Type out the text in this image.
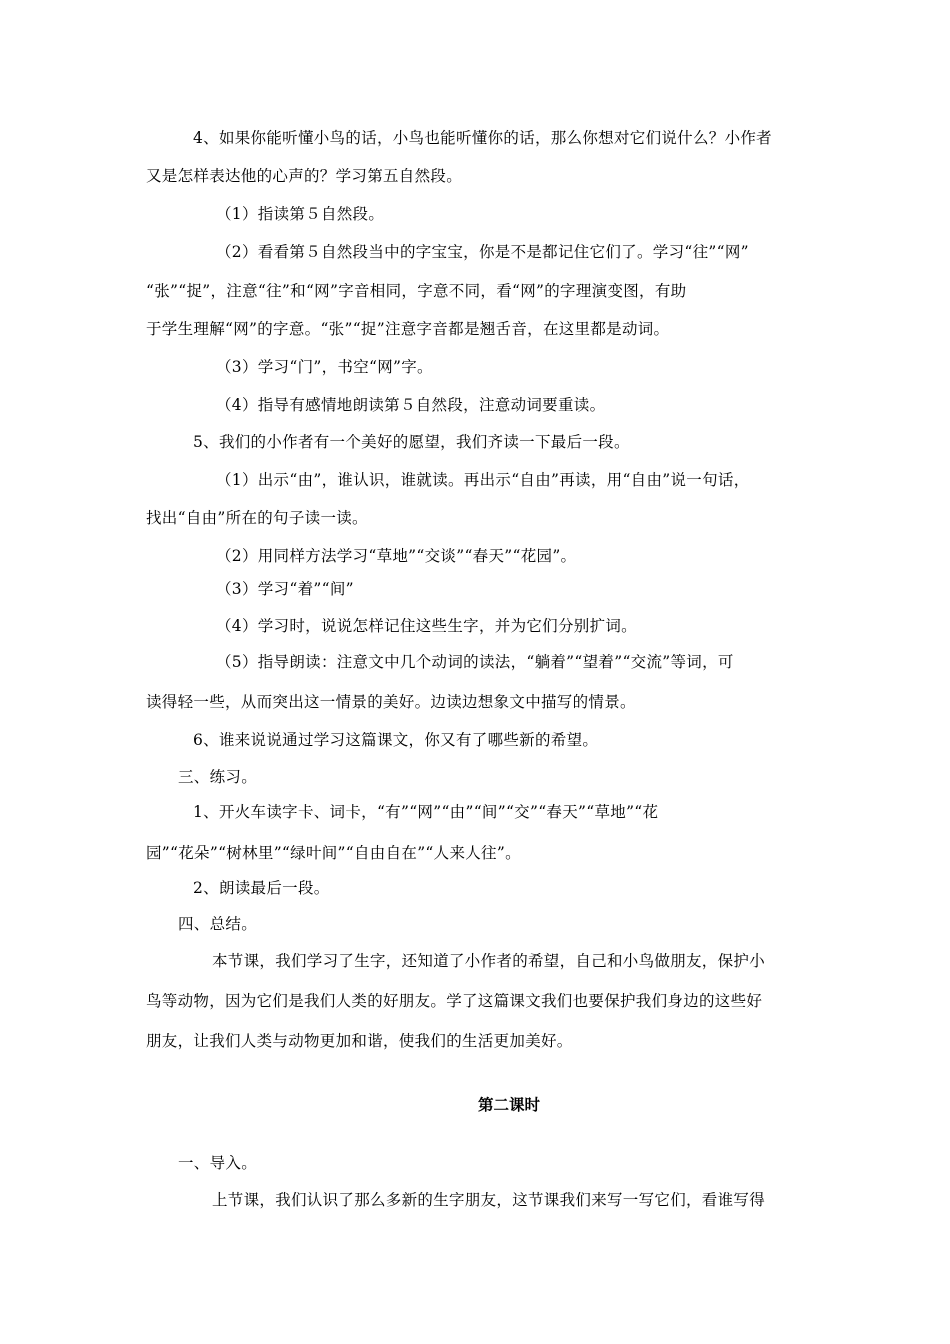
4、如果你能听懂小鸟的话，小鸟也能听懂你的话，那么你想对它们说什么？小作者
又是怎样表达他的心声的？学习第五自然段。
（1）指读第５自然段。
（2）看看第５自然段当中的字宝宝，你是不是都记住它们了。学习“往”“网”
“张”“捉”，注意“往”和“网”字音相同，字意不同，看“网”的字理演变图，有助
于学生理解“网”的字意。“张”“捉”注意字音都是翘舌音，在这里都是动词。
（3）学习“门”，书空“网”字。
（4）指导有感情地朗读第５自然段，注意动词要重读。
5、我们的小作者有一个美好的愿望，我们齐读一下最后一段。
（1）出示“由”，谁认识，谁就读。再出示“自由”再读，用“自由”说一句话，
找出“自由”所在的句子读一读。
（2）用同样方法学习“草地”“交谈”“春天”“花园”。
（3）学习“着”“间”
（4）学习时，说说怎样记住这些生字，并为它们分别扩词。
（5）指导朗读：注意文中几个动词的读法，“躺着”“望着”“交流”等词，可
读得轻一些，从而突出这一情景的美好。边读边想象文中描写的情景。
6、谁来说说通过学习这篇课文，你又有了哪些新的希望。
三、练习。
1、开火车读字卡、词卡，“有”“网”“由”“间”“交”“春天”“草地”“花
园”“花朵”“树林里”“绿叶间”“自由自在”“人来人往”。
2、朗读最后一段。
四、总结。
本节课，我们学习了生字，还知道了小作者的希望，自己和小鸟做朋友，保护小
鸟等动物，因为它们是我们人类的好朋友。学了这篇课文我们也要保护我们身边的这些好
朋友，让我们人类与动物更加和谐，使我们的生活更加美好。
第二课时
一、导入。
上节课，我们认识了那么多新的生字朋友，这节课我们来写一写它们，看谁写得
